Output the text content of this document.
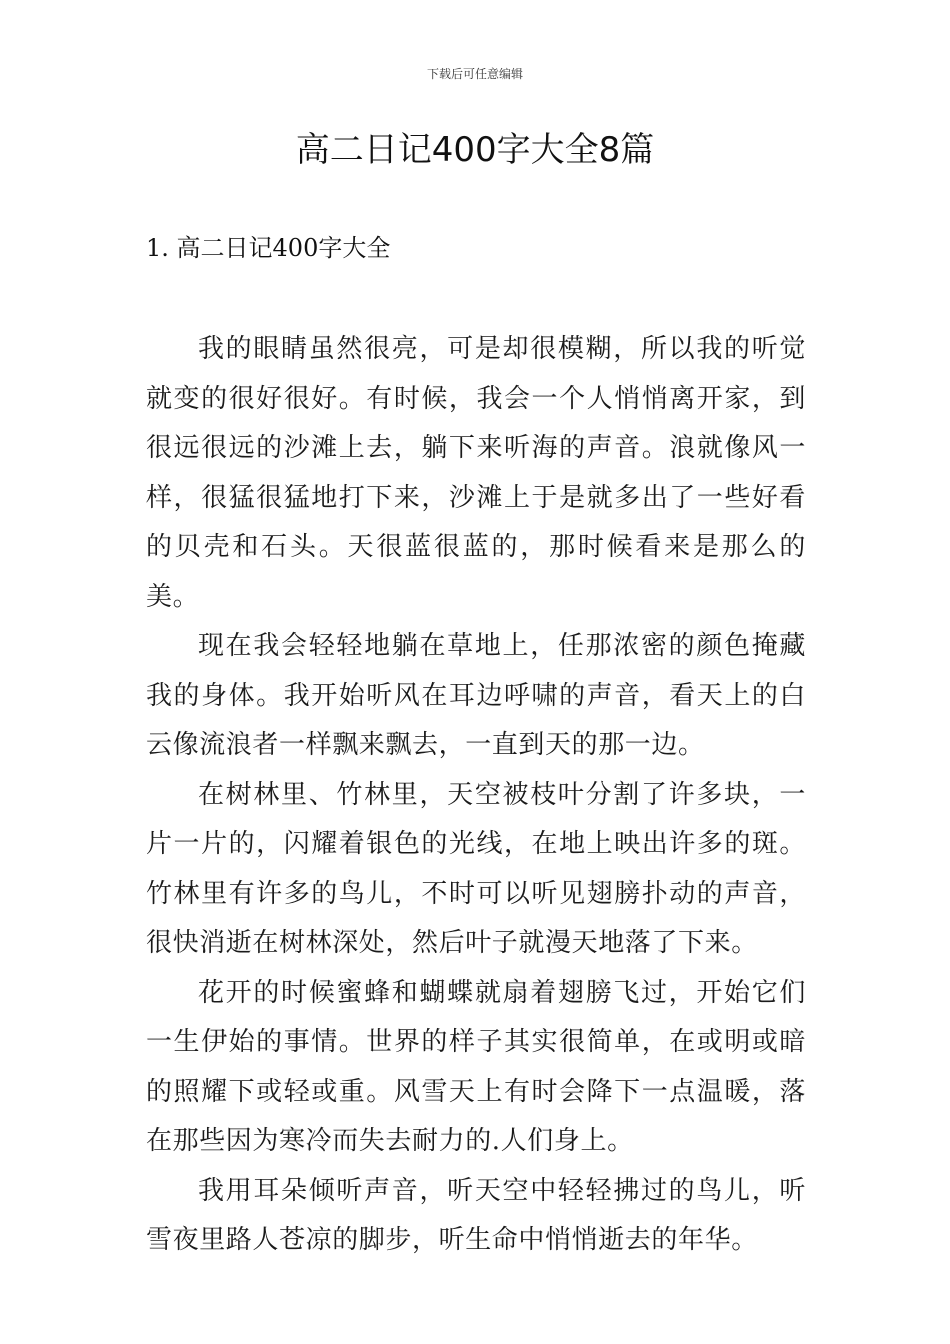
下载后可任意编辑
高二日记400字大全8篇
1. 高二日记400字大全

我的眼睛虽然很亮，可是却很模糊，所以我的听觉就变的很好很好。有时候，我会一个人悄悄离开家，到很远很远的沙滩上去，躺下来听海的声音。浪就像风一样，很猛很猛地打下来，沙滩上于是就多出了一些好看的贝壳和石头。天很蓝很蓝的，那时候看来是那么的美。

现在我会轻轻地躺在草地上，任那浓密的颜色掩藏我的身体。我开始听风在耳边呼啸的声音，看天上的白云像流浪者一样飘来飘去，一直到天的那一边。

在树林里、竹林里，天空被枝叶分割了许多块，一片一片的，闪耀着银色的光线，在地上映出许多的斑。竹林里有许多的鸟儿，不时可以听见翅膀扑动的声音，很快消逝在树林深处，然后叶子就漫天地落了下来。

花开的时候蜜蜂和蝴蝶就扇着翅膀飞过，开始它们一生伊始的事情。世界的样子其实很简单，在或明或暗的照耀下或轻或重。风雪天上有时会降下一点温暖，落在那些因为寒冷而失去耐力的.人们身上。

我用耳朵倾听声音，听天空中轻轻拂过的鸟儿，听雪夜里路人苍凉的脚步，听生命中悄悄逝去的年华。
